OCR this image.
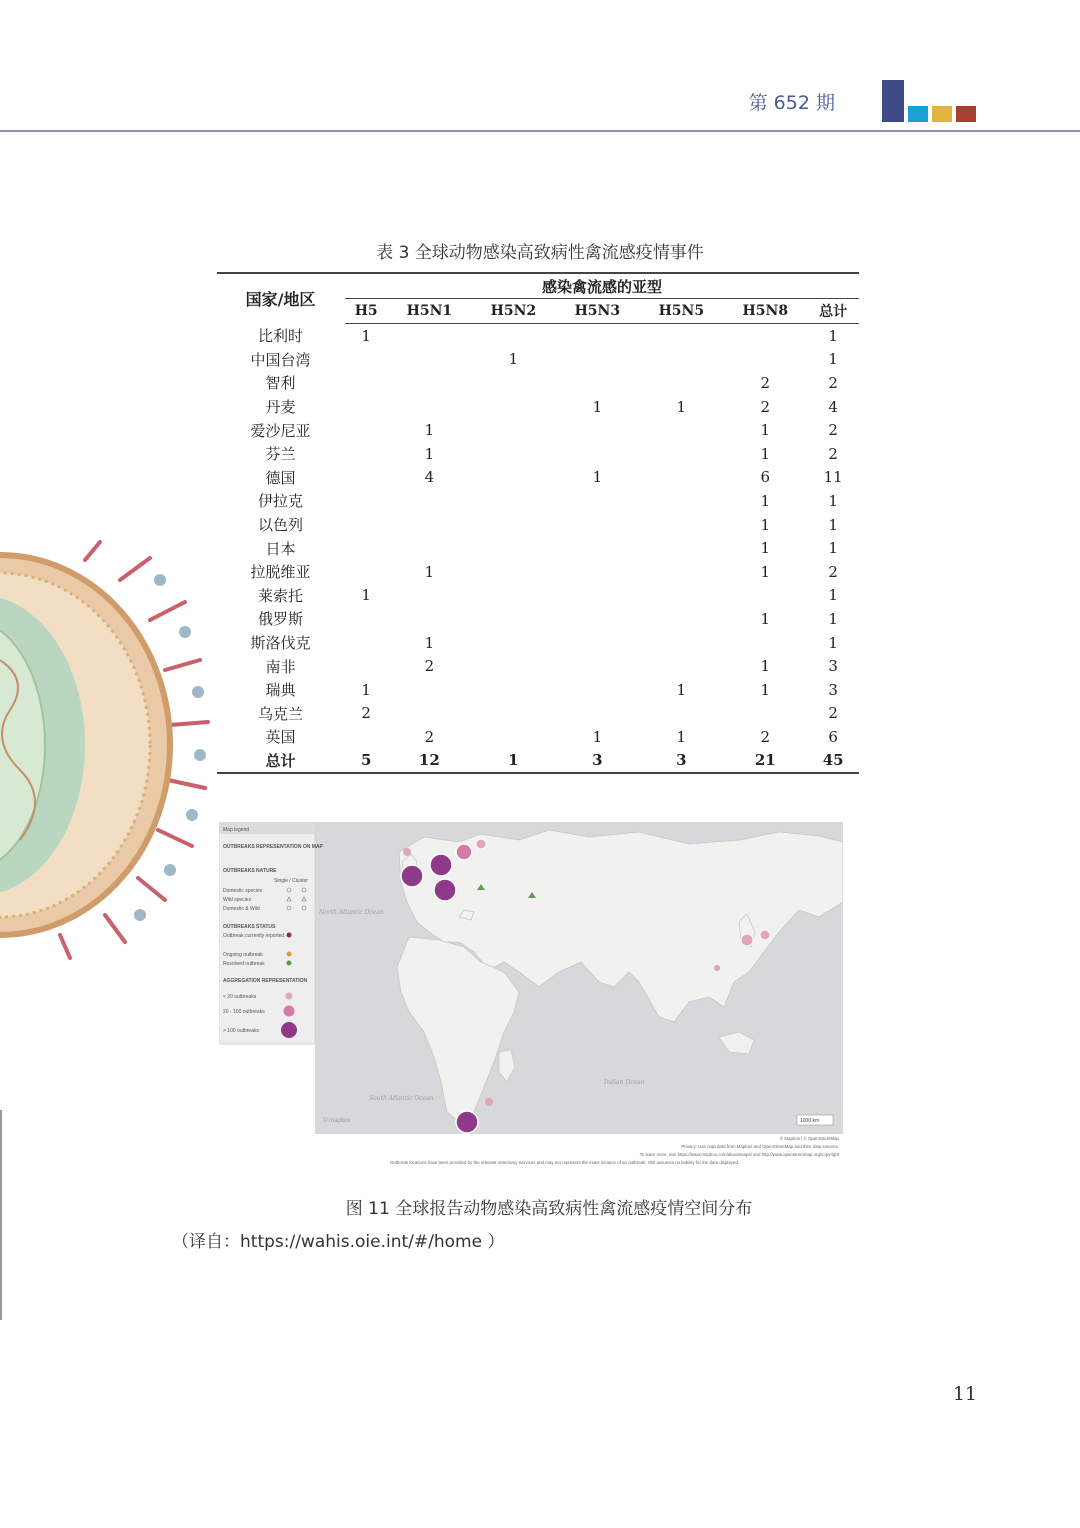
第 652 期
表 3 全球动物感染高致病性禽流感疫情事件
国家/地区		感染禽流感的亚型						
	H5	H5N1	H5N2	H5N3	H5N5	H5N8	总计
比利时		1						1
中国台湾				1				1
智利							2	2
丹麦					1	1	2	4
爱沙尼亚			1				1	2
芬兰			1				1	2
德国			4		1		6	11
伊拉克							1	1
以色列							1	1
日本							1	1
拉脱维亚			1				1	2
莱索托		1						1
俄罗斯							1	1
斯洛伐克			1					1
南非			2				1	3
瑞典		1				1	1	3
乌克兰		2						2
英国			2		1	1	2	6
总计		5	12	1	3	3	21	45
North Atlantic Ocean
Indian Ocean
South Atlantic Ocean
© mapbox	1000 km
Map legend
OUTBREAKS REPRESENTATION ON MAP
OUTBREAKS NATURE
Single / Cluster
Domestic species
Wild species
Domestic & Wild
OUTBREAKS STATUS
Outbreak currently reported
Ongoing outbreak
Resolved outbreak
AGGREGATION REPRESENTATION
< 20 outbreaks
20 - 100 outbreaks
> 100 outbreaks
© Mapbox | © OpenStreetMap
Privacy: Use map data from Mapbox and OpenStreetMap and their data sources.
To learn more, visit https://www.mapbox.com/about/maps/ and http://www.openstreetmap.org/copyright
Outbreak locations have been provided by the relevant Veterinary Services and may not represent the exact location of an outbreak. OIE assumes no liability for the data displayed.
图 11 全球报告动物感染高致病性禽流感疫情空间分布
（译自：https://wahis.oie.int/#/home ）
11
